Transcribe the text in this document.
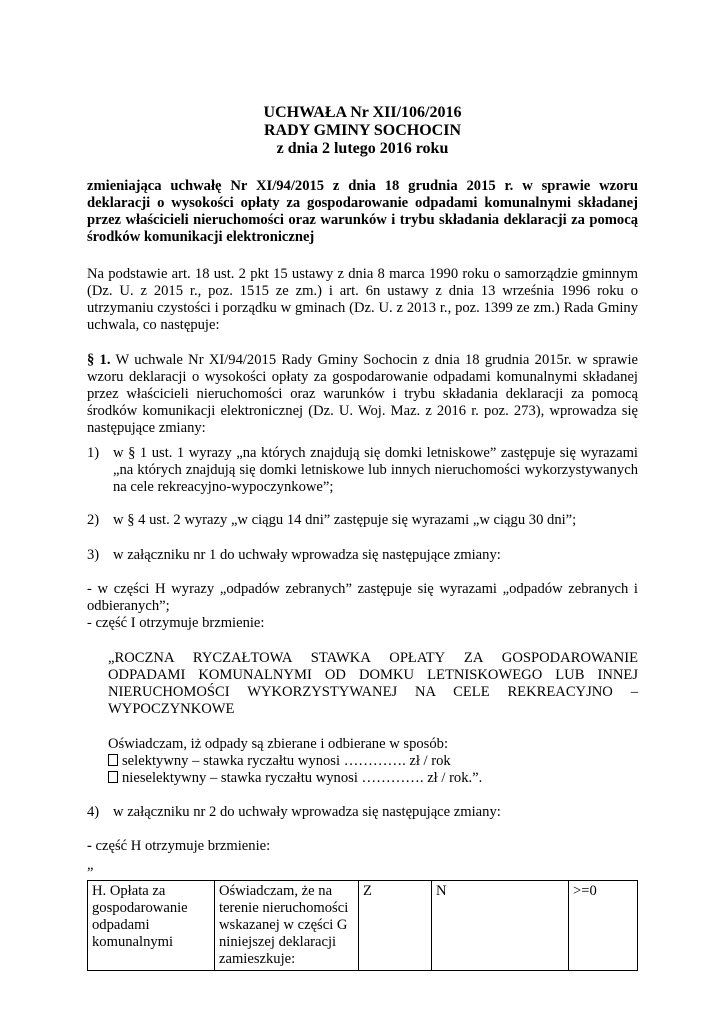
UCHWAŁA Nr XII/106/2016

RADY GMINY SOCHOCIN

z dnia 2 lutego 2016 roku

zmieniająca uchwałę Nr XI/94/2015 z dnia 18 grudnia 2015 r. w sprawie wzoru deklaracji o wysokości opłaty za gospodarowanie odpadami komunalnymi składanej przez właścicieli nieruchomości oraz warunków i trybu składania deklaracji za pomocą środków komunikacji elektronicznej

Na podstawie art. 18 ust. 2 pkt 15 ustawy z dnia 8 marca 1990 roku o samorządzie gminnym (Dz. U. z 2015 r., poz. 1515 ze zm.) i art. 6n ustawy z dnia 13 września 1996 roku o utrzymaniu czystości i porządku w gminach (Dz. U. z 2013 r., poz. 1399 ze zm.) Rada Gminy uchwala, co następuje:

§ 1. W uchwale Nr XI/94/2015 Rady Gminy Sochocin z dnia 18 grudnia 2015r. w sprawie wzoru deklaracji o wysokości opłaty za gospodarowanie odpadami komunalnymi składanej przez właścicieli nieruchomości oraz warunków i trybu składania deklaracji za pomocą środków komunikacji elektronicznej (Dz. U. Woj. Maz. z 2016 r. poz. 273), wprowadza się następujące zmiany:

1) w § 1 ust. 1 wyrazy „na których znajdują się domki letniskowe” zastępuje się wyrazami „na których znajdują się domki letniskowe lub innych nieruchomości wykorzystywanych na cele rekreacyjno-wypoczynkowe”;
2) w § 4 ust. 2 wyrazy „w ciągu 14 dni” zastępuje się wyrazami „w ciągu 30 dni”;
3) w załączniku nr 1 do uchwały wprowadza się następujące zmiany:

- w części H wyrazy „odpadów zebranych” zastępuje się wyrazami „odpadów zebranych i odbieranych”;

- część I otrzymuje brzmienie:

„ROCZNA RYCZAŁTOWA STAWKA OPŁATY ZA GOSPODAROWANIE ODPADAMI KOMUNALNYMI OD DOMKU LETNISKOWEGO LUB INNEJ NIERUCHOMOŚCI WYKORZYSTYWANEJ NA CELE REKREACYJNO – WYPOCZYNKOWE

Oświadczam, iż odpady są zbierane i odbierane w sposób:

selektywny – stawka ryczałtu wynosi …………. zł / rok
nieselektywny – stawka ryczałtu wynosi …………. zł / rok.”.
4) w załączniku nr 2 do uchwały wprowadza się następujące zmiany:

- część H otrzymuje brzmienie:

„

H. Opłata za gospodarowanie odpadami komunalnymi	Oświadczam, że na terenie nieruchomości wskazanej w części G niniejszej deklaracji zamieszkuje:	Z	N	>=0
